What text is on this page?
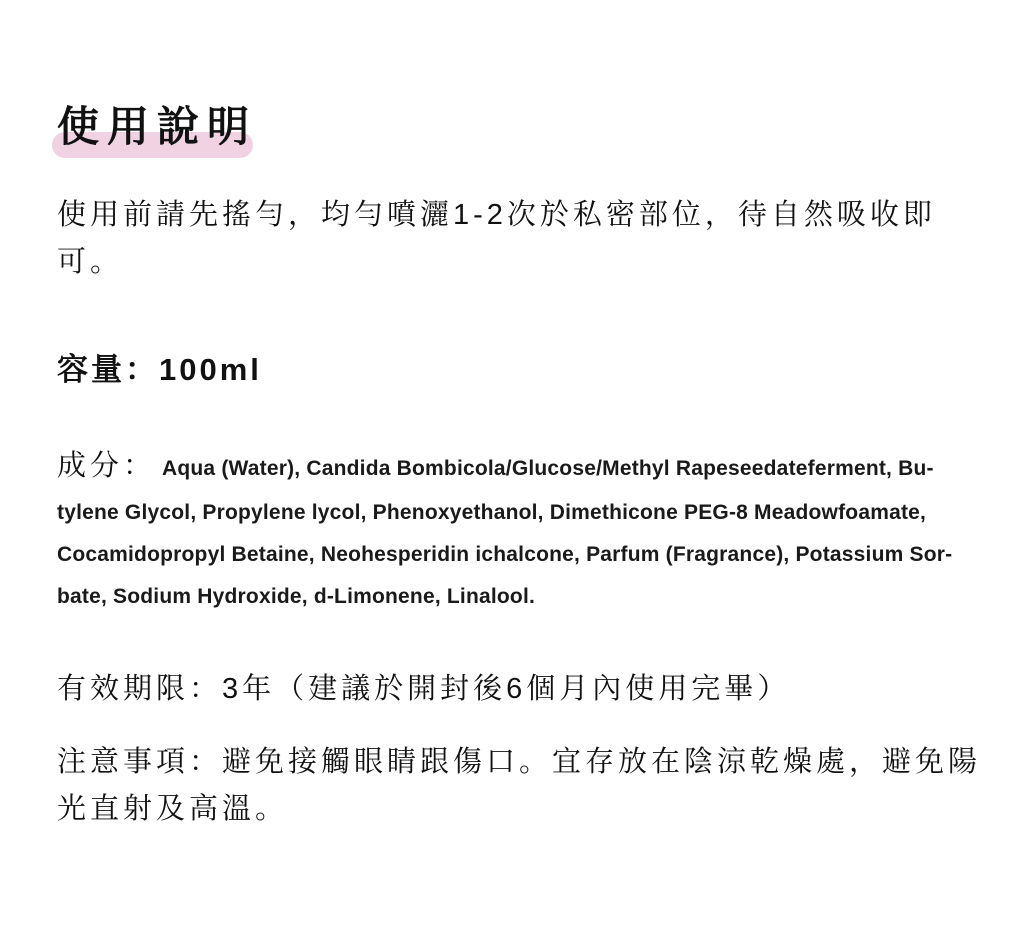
使用說明

使用前請先搖勻，均勻噴灑1-2次於私密部位，待自然吸收即可。

容量：100ml

成分： Aqua (Water), Candida Bombicola/Glucose/Methyl Rapeseedateferment, Bu-
tylene Glycol, Propylene lycol, Phenoxyethanol, Dimethicone PEG-8 Meadowfoamate,
Cocamidopropyl Betaine, Neohesperidin ichalcone, Parfum (Fragrance), Potassium Sor-
bate, Sodium Hydroxide, d-Limonene, Linalool.

有效期限：3年（建議於開封後6個月內使用完畢）

注意事項：避免接觸眼睛跟傷口。宜存放在陰涼乾燥處，避免陽光直射及高溫。
